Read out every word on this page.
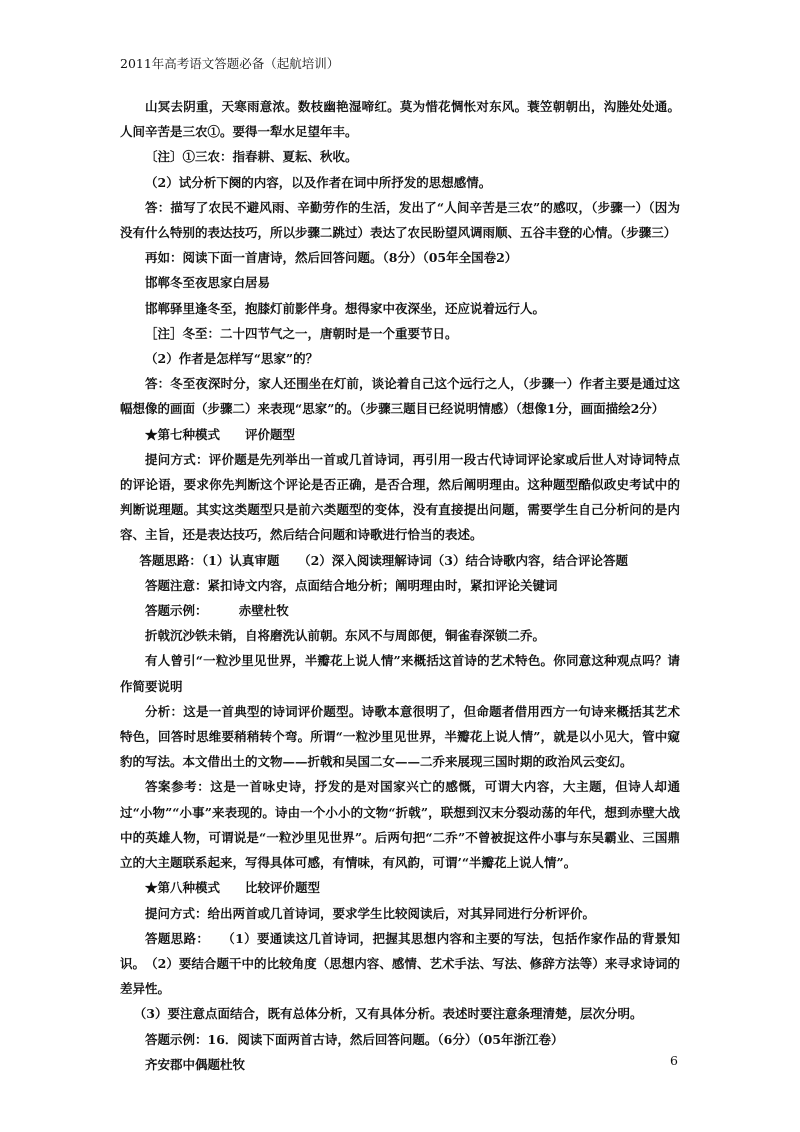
2011年高考语文答题必备（起航培训）

山冥去阴重，天寒雨意浓。数枝幽艳湿啼红。莫为惜花惆怅对东风。蓑笠朝朝出，沟塍处处通。人间辛苦是三农①。要得一犁水足望年丰。

〔注〕①三农：指春耕、夏耘、秋收。

（2）试分析下阕的内容，以及作者在词中所抒发的思想感情。

答：描写了农民不避风雨、辛勤劳作的生活，发出了“人间辛苦是三农”的感叹，（步骤一）（因为没有什么特别的表达技巧，所以步骤二跳过）表达了农民盼望风调雨顺、五谷丰登的心情。（步骤三）

再如：阅读下面一首唐诗，然后回答问题。（8分）（05年全国卷2）

邯郸冬至夜思家白居易

邯郸驿里逢冬至，抱膝灯前影伴身。想得家中夜深坐，还应说着远行人。

［注］冬至：二十四节气之一，唐朝时是一个重要节日。

（2）作者是怎样写“思家”的？

答：冬至夜深时分，家人还围坐在灯前，谈论着自己这个远行之人，（步骤一）作者主要是通过这幅想像的画面（步骤二）来表现“思家”的。（步骤三题目已经说明情感）（想像1分，画面描绘2分）

★第七种模式　　评价题型

提问方式：评价题是先列举出一首或几首诗词，再引用一段古代诗词评论家或后世人对诗词特点的评论语，要求你先判断这个评论是否正确，是否合理，然后阐明理由。这种题型酷似政史考试中的判断说理题。其实这类题型只是前六类题型的变体，没有直接提出问题，需要学生自己分析问的是内容、主旨，还是表达技巧，然后结合问题和诗歌进行恰当的表述。

答题思路：（1）认真审题　　（2）深入阅读理解诗词（3）结合诗歌内容，结合评论答题

答题注意：紧扣诗文内容，点面结合地分析；阐明理由时，紧扣评论关键词

答题示例：　　　赤壁杜牧

折戟沉沙铁未销，自将磨洗认前朝。东风不与周郎便，铜雀春深锁二乔。

有人曾引“一粒沙里见世界，半瓣花上说人情”来概括这首诗的艺术特色。你同意这种观点吗？请作简要说明

分析：这是一首典型的诗词评价题型。诗歌本意很明了，但命题者借用西方一句诗来概括其艺术特色，回答时思维要稍稍转个弯。所谓“一粒沙里见世界，半瓣花上说人情”，就是以小见大，管中窥豹的写法。本文借出土的文物——折戟和吴国二女——二乔来展现三国时期的政治风云变幻。

答案参考：这是一首咏史诗，抒发的是对国家兴亡的感慨，可谓大内容，大主题，但诗人却通过“小物”“小事”来表现的。诗由一个小小的文物“折戟”，联想到汉末分裂动荡的年代，想到赤壁大战中的英雄人物，可谓说是“一粒沙里见世界”。后两句把“二乔”不曾被捉这件小事与东吴霸业、三国鼎立的大主题联系起来，写得具体可感，有情味，有风韵，可谓’“半瓣花上说人情”。

★第八种模式　　比较评价题型

提问方式：给出两首或几首诗词，要求学生比较阅读后，对其异同进行分析评价。

答题思路：　　（1）要通读这几首诗词，把握其思想内容和主要的写法，包括作家作品的背景知识。　（2）要结合题干中的比较角度（思想内容、感情、艺术手法、写法、修辞方法等）来寻求诗词的差异性。

（3）要注意点面结合，既有总体分析，又有具体分析。表述时要注意条理清楚，层次分明。

答题示例：16．阅读下面两首古诗，然后回答问题。（6分）（05年浙江卷）

齐安郡中偶题杜牧	6
